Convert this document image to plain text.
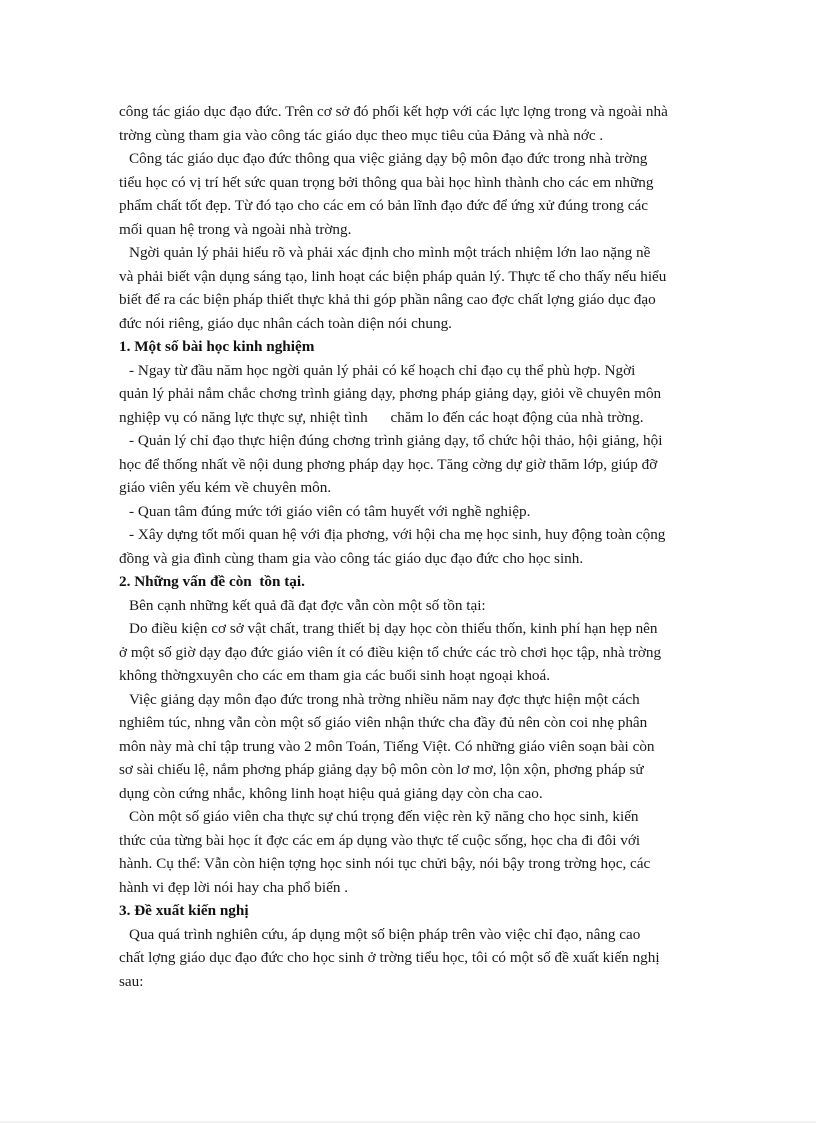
công tác giáo dục đạo đức. Trên cơ sở đó phối kết hợp với các lực lợng trong và ngoài nhà
trờng cùng tham gia vào công tác giáo dục theo mục tiêu của Đảng và nhà nớc .
Công tác giáo dục đạo đức thông qua việc giảng dạy bộ môn đạo đức trong nhà trờng
tiểu học có vị trí hết sức quan trọng bởi thông qua bài học hình thành cho các em những
phẩm chất tốt đẹp. Từ đó tạo cho các em có bản lĩnh đạo đức để ứng xử đúng trong các
mối quan hệ trong và ngoài nhà trờng.
Ngời quản lý phải hiểu rõ và phải xác định cho mình một trách nhiệm lớn lao nặng nề
và phải biết vận dụng sáng tạo, linh hoạt các biện pháp quản lý. Thực tế cho thấy nếu hiểu
biết để ra các biện pháp thiết thực khả thi góp phần nâng cao đợc chất lợng giáo dục đạo
đức nói riêng, giáo dục nhân cách toàn diện nói chung.
1. Một số bài học kinh nghiệm
- Ngay từ đầu năm học ngời quản lý phải có kế hoạch chỉ đạo cụ thể phù hợp. Ngời
quản lý phải nắm chắc chơng trình giảng dạy, phơng pháp giảng dạy, giỏi về chuyên môn
nghiệp vụ có năng lực thực sự, nhiệt tình      chăm lo đến các hoạt động của nhà trờng.
- Quản lý chỉ đạo thực hiện đúng chơng trình giảng dạy, tổ chức hội thảo, hội giảng, hội
học để thống nhất về nội dung phơng pháp dạy học. Tăng cờng dự giờ thăm lớp, giúp đỡ
giáo viên yếu kém về chuyên môn.
- Quan tâm đúng mức tới giáo viên có tâm huyết với nghề nghiệp.
- Xây dựng tốt mối quan hệ với địa phơng, với hội cha mẹ học sinh, huy động toàn cộng
đồng và gia đình cùng tham gia vào công tác giáo dục đạo đức cho học sinh.
2. Những vấn đề còn  tồn tại.
Bên cạnh những kết quả đã đạt đợc vẫn còn một số tồn tại:
Do điều kiện cơ sở vật chất, trang thiết bị dạy học còn thiếu thốn, kinh phí hạn hẹp nên
ở một số giờ dạy đạo đức giáo viên ít có điều kiện tổ chức các trò chơi học tập, nhà trờng
không thờngxuyên cho các em tham gia các buổi sinh hoạt ngoại khoá.
Việc giảng dạy môn đạo đức trong nhà trờng nhiều năm nay đợc thực hiện một cách
nghiêm túc, nhng vẫn còn một số giáo viên nhận thức cha đầy đủ nên còn coi nhẹ phân
môn này mà chỉ tập trung vào 2 môn Toán, Tiếng Việt. Có những giáo viên soạn bài còn
sơ sài chiếu lệ, nắm phơng pháp giảng dạy bộ môn còn lơ mơ, lộn xộn, phơng pháp sử
dụng còn cứng nhắc, không linh hoạt hiệu quả giảng dạy còn cha cao.
Còn một số giáo viên cha thực sự chú trọng đến việc rèn kỹ năng cho học sinh, kiến
thức của từng bài học ít đợc các em áp dụng vào thực tế cuộc sống, học cha đi đôi với
hành. Cụ thể: Vẫn còn hiện tợng học sinh nói tục chửi bậy, nói bậy trong trờng học, các
hành vi đẹp lời nói hay cha phổ biến .
3. Đề xuất kiến nghị
Qua quá trình nghiên cứu, áp dụng một số biện pháp trên vào việc chỉ đạo, nâng cao
chất lợng giáo dục đạo đức cho học sinh ở trờng tiểu học, tôi có một số đề xuất kiến nghị
sau:
